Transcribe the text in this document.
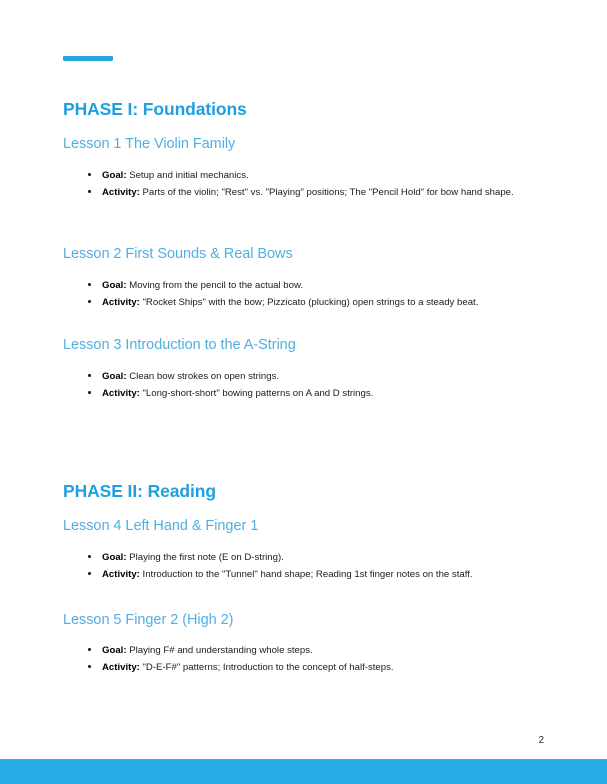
PHASE I: Foundations
Lesson 1 The Violin Family
Goal: Setup and initial mechanics.
Activity: Parts of the violin; "Rest" vs. "Playing" positions; The "Pencil Hold" for bow hand shape.
Lesson 2 First Sounds & Real Bows
Goal: Moving from the pencil to the actual bow.
Activity: "Rocket Ships" with the bow; Pizzicato (plucking) open strings to a steady beat.
Lesson 3 Introduction to the A-String
Goal: Clean bow strokes on open strings.
Activity: "Long-short-short" bowing patterns on A and D strings.
PHASE II: Reading
Lesson 4 Left Hand & Finger 1
Goal: Playing the first note (E on D-string).
Activity: Introduction to the "Tunnel" hand shape; Reading 1st finger notes on the staff.
Lesson 5 Finger 2 (High 2)
Goal: Playing F# and understanding whole steps.
Activity: "D-E-F#" patterns; Introduction to the concept of half-steps.
2
